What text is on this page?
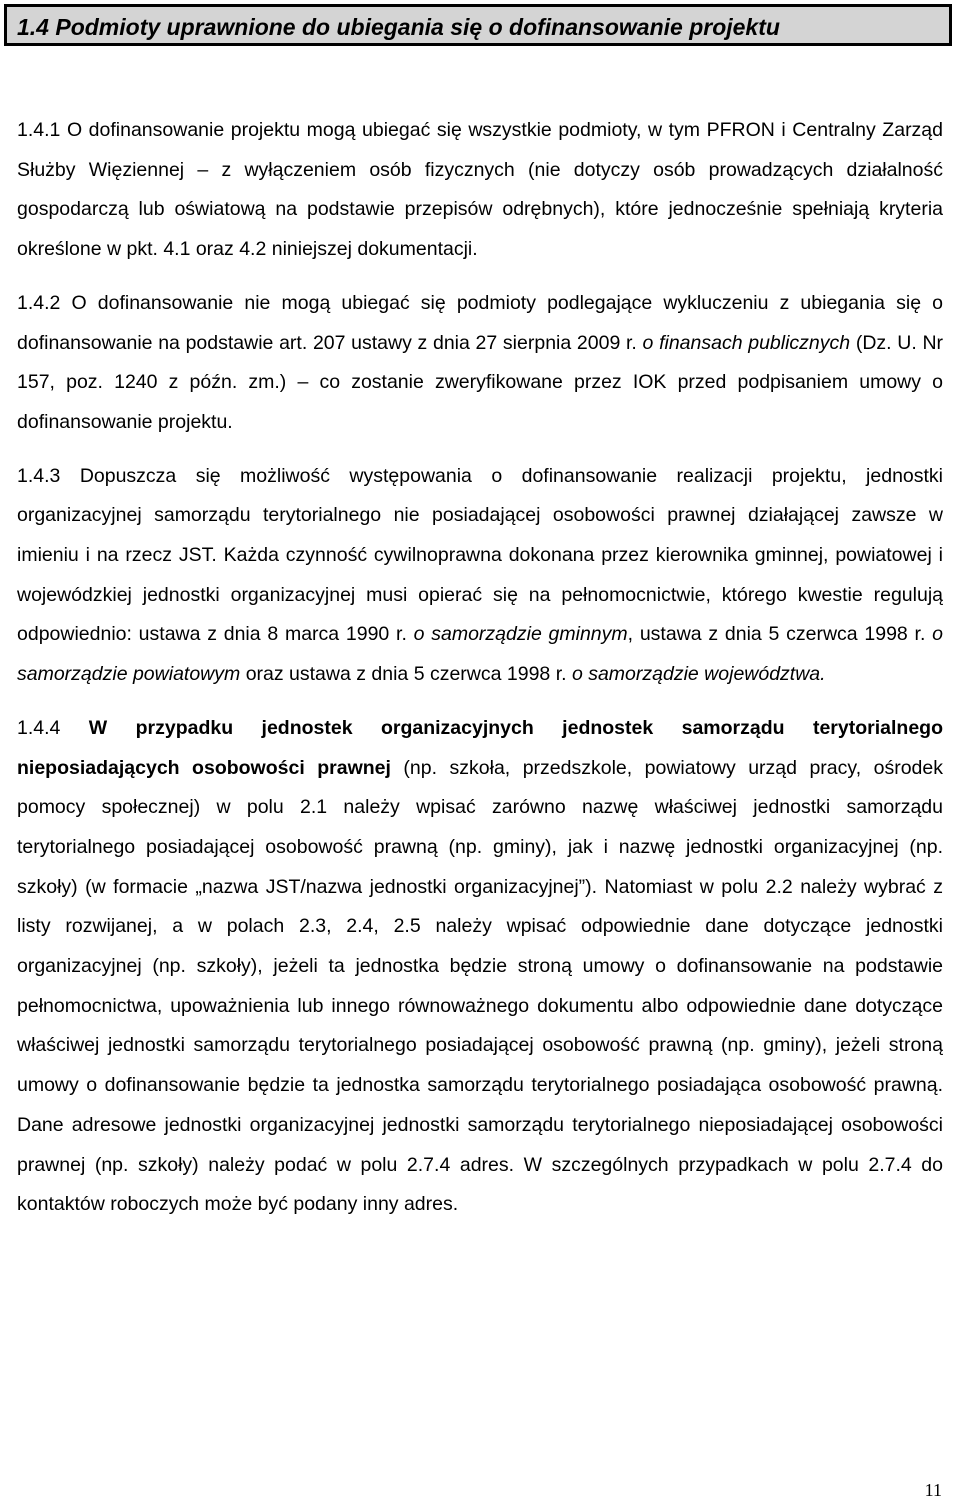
1.4 Podmioty uprawnione do ubiegania się o dofinansowanie projektu

1.4.1 O dofinansowanie projektu mogą ubiegać się wszystkie podmioty, w tym PFRON i Centralny Zarząd Służby Więziennej – z wyłączeniem osób fizycznych (nie dotyczy osób prowadzących działalność gospodarczą lub oświatową na podstawie przepisów odrębnych), które jednocześnie spełniają kryteria określone w pkt. 4.1 oraz 4.2 niniejszej dokumentacji.

1.4.2 O dofinansowanie nie mogą ubiegać się podmioty podlegające wykluczeniu z ubiegania się o dofinansowanie na podstawie art. 207 ustawy z dnia 27 sierpnia 2009 r. o finansach publicznych (Dz. U. Nr 157, poz. 1240 z późn. zm.) – co zostanie zweryfikowane przez IOK przed podpisaniem umowy o dofinansowanie projektu.

1.4.3 Dopuszcza się możliwość występowania o dofinansowanie realizacji projektu, jednostki organizacyjnej samorządu terytorialnego nie posiadającej osobowości prawnej działającej zawsze w imieniu i na rzecz JST. Każda czynność cywilnoprawna dokonana przez kierownika gminnej, powiatowej i wojewódzkiej jednostki organizacyjnej musi opierać się na pełnomocnictwie, którego kwestie regulują odpowiednio: ustawa z dnia 8 marca 1990 r. o samorządzie gminnym, ustawa z dnia 5 czerwca 1998 r. o samorządzie powiatowym oraz ustawa z dnia 5 czerwca 1998 r. o samorządzie województwa.

1.4.4 W przypadku jednostek organizacyjnych jednostek samorządu terytorialnego nieposiadających osobowości prawnej (np. szkoła, przedszkole, powiatowy urząd pracy, ośrodek pomocy społecznej) w polu 2.1 należy wpisać zarówno nazwę właściwej jednostki samorządu terytorialnego posiadającej osobowość prawną (np. gminy), jak i nazwę jednostki organizacyjnej (np. szkoły) (w formacie „nazwa JST/nazwa jednostki organizacyjnej”). Natomiast w polu 2.2 należy wybrać z listy rozwijanej, a w polach 2.3, 2.4, 2.5 należy wpisać odpowiednie dane dotyczące jednostki organizacyjnej (np. szkoły), jeżeli ta jednostka będzie stroną umowy o dofinansowanie na podstawie pełnomocnictwa, upoważnienia lub innego równoważnego dokumentu albo odpowiednie dane dotyczące właściwej jednostki samorządu terytorialnego posiadającej osobowość prawną (np. gminy), jeżeli stroną umowy o dofinansowanie będzie ta jednostka samorządu terytorialnego posiadająca osobowość prawną. Dane adresowe jednostki organizacyjnej jednostki samorządu terytorialnego nieposiadającej osobowości prawnej (np. szkoły) należy podać w polu 2.7.4 adres. W szczególnych przypadkach w polu 2.7.4 do kontaktów roboczych może być podany inny adres.

11
